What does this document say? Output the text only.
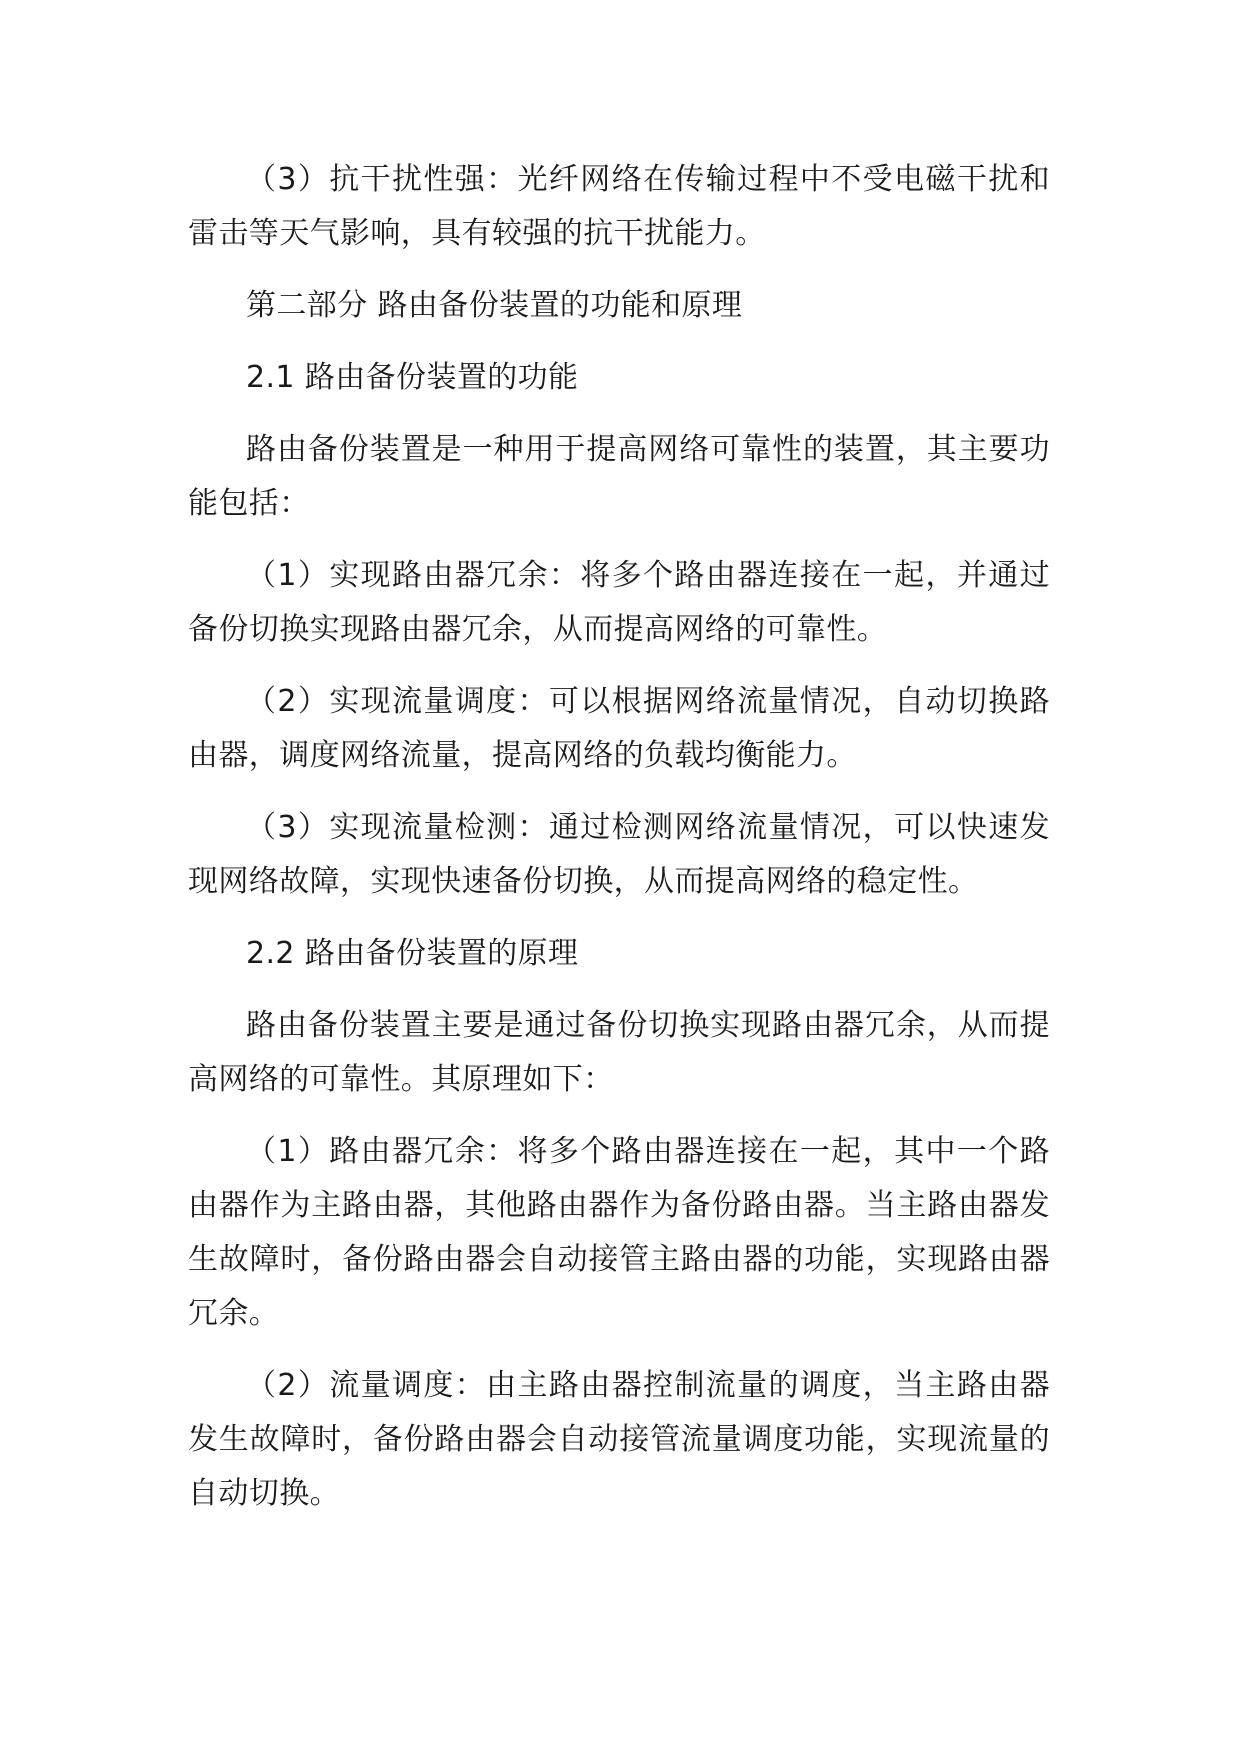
（3）抗干扰性强：光纤网络在传输过程中不受电磁干扰和雷击等天气影响，具有较强的抗干扰能力。

第二部分 路由备份装置的功能和原理

2.1 路由备份装置的功能

路由备份装置是一种用于提高网络可靠性的装置，其主要功能包括：

（1）实现路由器冗余：将多个路由器连接在一起，并通过备份切换实现路由器冗余，从而提高网络的可靠性。

（2）实现流量调度：可以根据网络流量情况，自动切换路由器，调度网络流量，提高网络的负载均衡能力。

（3）实现流量检测：通过检测网络流量情况，可以快速发现网络故障，实现快速备份切换，从而提高网络的稳定性。

2.2 路由备份装置的原理

路由备份装置主要是通过备份切换实现路由器冗余，从而提高网络的可靠性。其原理如下：

（1）路由器冗余：将多个路由器连接在一起，其中一个路由器作为主路由器，其他路由器作为备份路由器。当主路由器发生故障时，备份路由器会自动接管主路由器的功能，实现路由器冗余。

（2）流量调度：由主路由器控制流量的调度，当主路由器发生故障时，备份路由器会自动接管流量调度功能，实现流量的自动切换。
